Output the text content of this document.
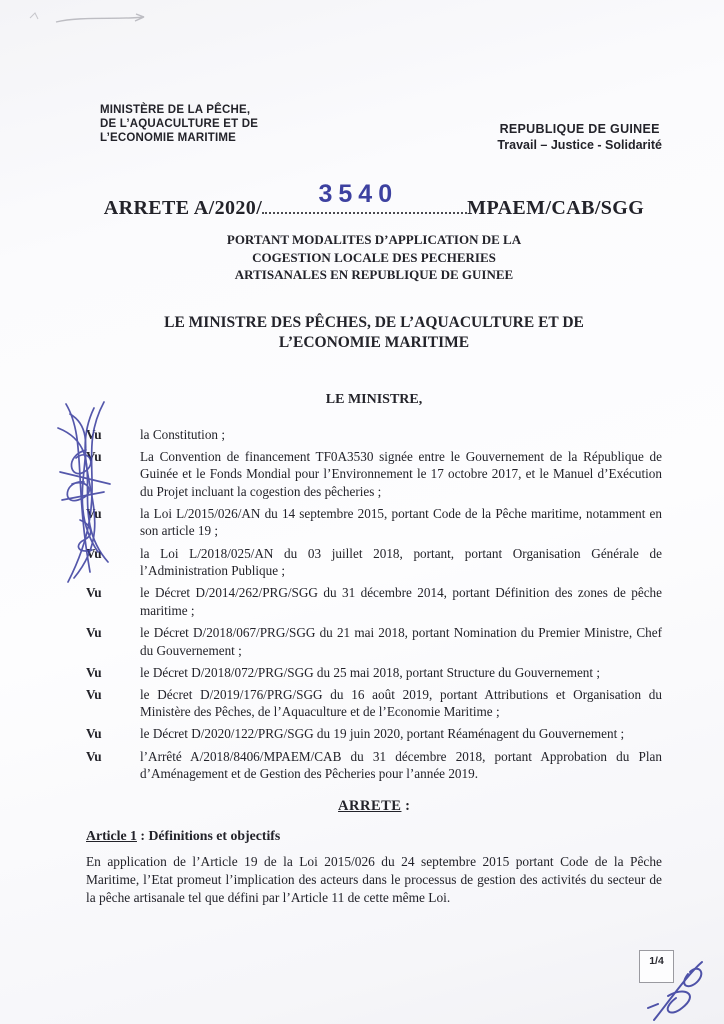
MINISTÈRE DE LA PÊCHE,
DE L’AQUACULTURE ET DE
L’ECONOMIE MARITIME
REPUBLIQUE DE GUINEE
Travail – Justice - Solidarité
ARRETE A/2020/ 3540	MPAEM/CAB/SGG
PORTANT MODALITES D’APPLICATION DE LA
COGESTION LOCALE DES PECHERIES
ARTISANALES EN REPUBLIQUE DE GUINEE
LE MINISTRE DES PÊCHES, DE L’AQUACULTURE ET DE
L’ECONOMIE MARITIME
LE MINISTRE,
Vu	la Constitution ;

Vu	La Convention de financement TF0A3530 signée entre le Gouvernement de la République de Guinée et le Fonds Mondial pour l’Environnement le 17 octobre 2017, et le Manuel d’Exécution du Projet incluant la cogestion des pêcheries ;

Vu	la Loi L/2015/026/AN du 14 septembre 2015, portant Code de la Pêche maritime, notamment en son article 19 ;

Vu	la Loi L/2018/025/AN du 03 juillet 2018, portant, portant Organisation Générale de l’Administration Publique ;

Vu	le Décret D/2014/262/PRG/SGG du 31 décembre 2014, portant Définition des zones de pêche maritime ;

Vu	le Décret D/2018/067/PRG/SGG du 21 mai 2018, portant Nomination du Premier Ministre, Chef du Gouvernement ;

Vu	le Décret D/2018/072/PRG/SGG du 25 mai 2018, portant Structure du Gouvernement ;

Vu	le Décret D/2019/176/PRG/SGG du 16 août 2019, portant Attributions et Organisation du Ministère des Pêches, de l’Aquaculture et de l’Economie Maritime ;

Vu	le Décret D/2020/122/PRG/SGG du 19 juin 2020, portant Réaménagent du Gouvernement ;

Vu	l’Arrêté A/2018/8406/MPAEM/CAB du 31 décembre 2018, portant Approbation du Plan d’Aménagement et de Gestion des Pêcheries pour l’année 2019.

ARRETE :
Article 1 : Définitions et objectifs

En application de l’Article 19 de la Loi 2015/026 du 24 septembre 2015 portant Code de la Pêche Maritime, l’Etat promeut l’implication des acteurs dans le processus de gestion des activités du secteur de la pêche artisanale tel que défini par l’Article 11 de cette même Loi.

1/4
